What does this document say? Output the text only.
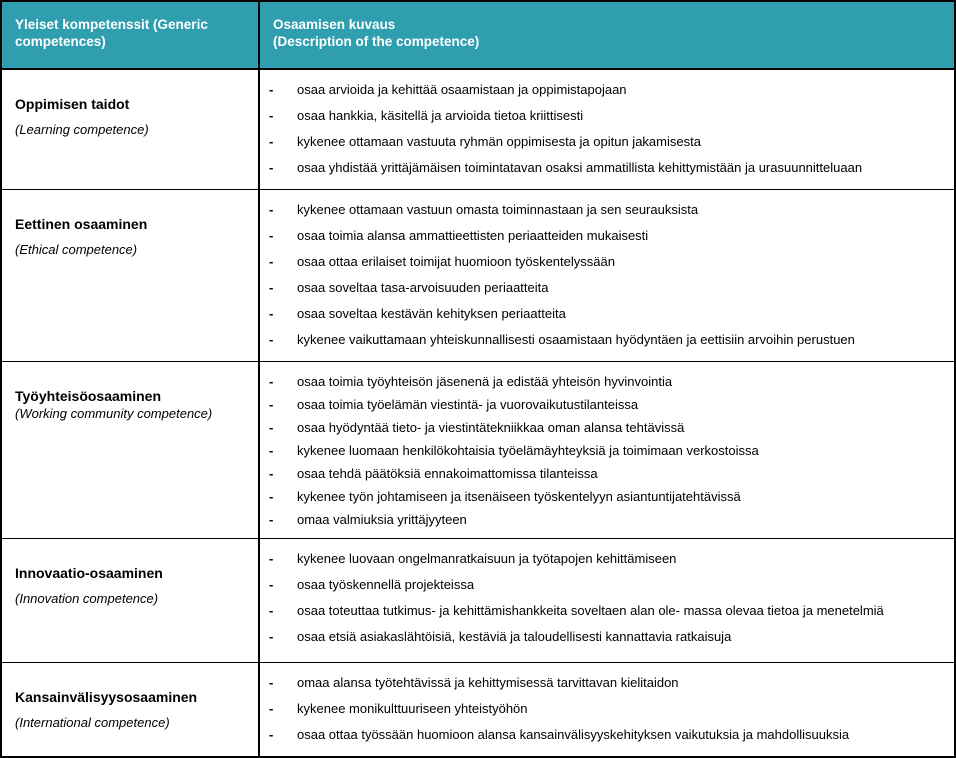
Yleiset kompetenssit (Generic competences)	Osaamisen kuvaus
(Description of the competence)

Oppimisen taidot
(Learning competence)

-	osaa arvioida ja kehittää osaamistaan ja oppimistapojaan
-	osaa hankkia, käsitellä ja arvioida tietoa kriittisesti
-	kykenee ottamaan vastuuta ryhmän oppimisesta ja opitun jakamisesta
-	osaa yhdistää yrittäjämäisen toimintatavan osaksi ammatillista kehittymistään ja urasuunnitteluaan

Eettinen osaaminen
(Ethical competence)

-	kykenee ottamaan vastuun omasta toiminnastaan ja sen seurauksista
-	osaa toimia alansa ammattieettisten periaatteiden mukaisesti
-	osaa ottaa erilaiset toimijat huomioon työskentelyssään
-	osaa soveltaa tasa-arvoisuuden periaatteita
-	osaa soveltaa kestävän kehityksen periaatteita
-	kykenee vaikuttamaan yhteiskunnallisesti osaamistaan hyödyntäen ja eettisiin arvoihin perustuen

Työyhteisöosaaminen
(Working community competence)

-	osaa toimia työyhteisön jäsenenä ja edistää yhteisön hyvinvointia
-	osaa toimia työelämän viestintä- ja vuorovaikutustilanteissa
-	osaa hyödyntää tieto- ja viestintätekniikkaa oman alansa tehtävissä
-	kykenee luomaan henkilökohtaisia työelämäyhteyksiä ja toimimaan verkostoissa
-	osaa tehdä päätöksiä ennakoimattomissa tilanteissa
-	kykenee työn johtamiseen ja itsenäiseen työskentelyyn asiantuntijatehtävissä
-	omaa valmiuksia yrittäjyyteen

Innovaatio-osaaminen
(Innovation competence)

-	kykenee luovaan ongelmanratkaisuun ja työtapojen kehittämiseen
-	osaa työskennellä projekteissa
-	osaa toteuttaa tutkimus- ja kehittämishankkeita soveltaen alan ole- massa olevaa tietoa ja menetelmiä
-	osaa etsiä asiakaslähtöisiä, kestäviä ja taloudellisesti kannattavia ratkaisuja

Kansainvälisyysosaaminen
(International competence)

-	omaa alansa työtehtävissä ja kehittymisessä tarvittavan kielitaidon
-	kykenee monikulttuuriseen yhteistyöhön
-	osaa ottaa työssään huomioon alansa kansainvälisyyskehityksen vaikutuksia ja mahdollisuuksia
